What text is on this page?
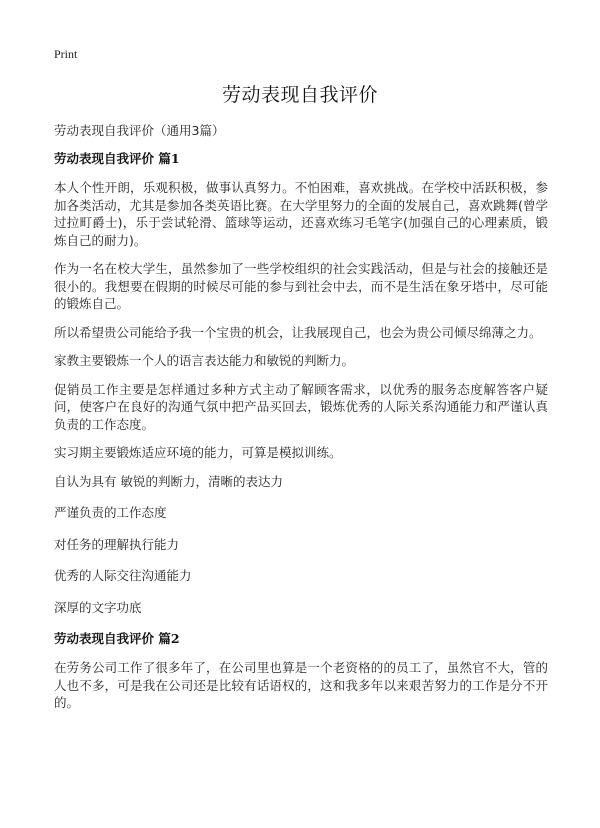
Print
劳动表现自我评价
劳动表现自我评价（通用3篇）
劳动表现自我评价 篇1

本人个性开朗，乐观积极，做事认真努力。不怕困难，喜欢挑战。在学校中活跃积极，参加各类活动，尤其是参加各类英语比赛。在大学里努力的全面的发展自己，喜欢跳舞(曾学过拉町爵士)，乐于尝试轮滑、篮球等运动，还喜欢练习毛笔字(加强自己的心理素质，锻炼自己的耐力)。

作为一名在校大学生，虽然参加了一些学校组织的社会实践活动，但是与社会的接触还是很小的。我想要在假期的时候尽可能的参与到社会中去，而不是生活在象牙塔中，尽可能的锻炼自己。

所以希望贵公司能给予我一个宝贵的机会，让我展现自己，也会为贵公司倾尽绵薄之力。

家教主要锻炼一个人的语言表达能力和敏锐的判断力。

促销员工作主要是怎样通过多种方式主动了解顾客需求，以优秀的服务态度解答客户疑问，使客户在良好的沟通气氛中把产品买回去，锻炼优秀的人际关系沟通能力和严谨认真负责的工作态度。

实习期主要锻炼适应环境的能力，可算是模拟训练。

自认为具有 敏锐的判断力，清晰的表达力

严谨负责的工作态度

对任务的理解执行能力

优秀的人际交往沟通能力

深厚的文字功底

劳动表现自我评价 篇2

在劳务公司工作了很多年了，在公司里也算是一个老资格的的员工了，虽然官不大，管的人也不多，可是我在公司还是比较有话语权的，这和我多年以来艰苦努力的工作是分不开的。
